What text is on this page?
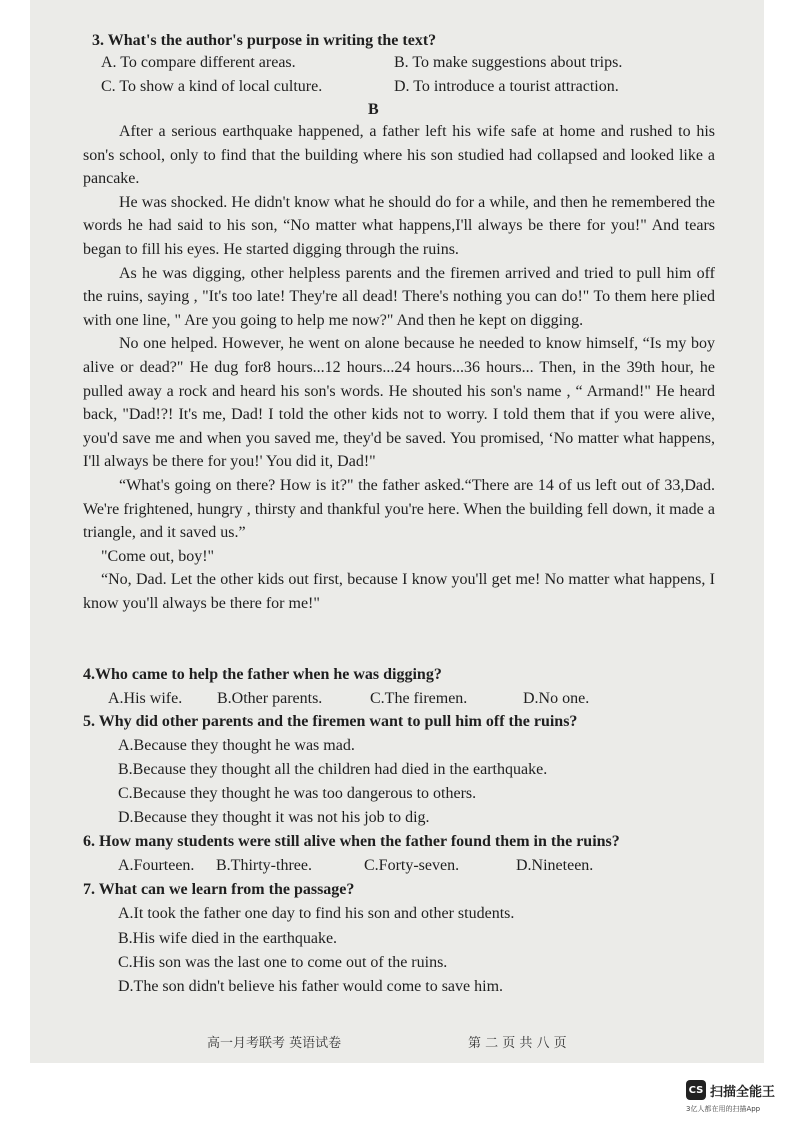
3. What's the author's purpose in writing the text?
A. To compare different areas.	B. To make suggestions about trips.
C. To show a kind of local culture.	D. To introduce a tourist attraction.
B

After a serious earthquake happened, a father left his wife safe at home and rushed to his son's school, only to find that the building where his son studied had collapsed and looked like a pancake.

He was shocked. He didn't know what he should do for a while, and then he remembered the words he had said to his son, “No matter what happens,I'll always be there for you!" And tears began to fill his eyes. He started digging through the ruins.

As he was digging, other helpless parents and the firemen arrived and tried to pull him off the ruins, saying , "It's too late! They're all dead! There's nothing you can do!" To them here plied with one line, " Are you going to help me now?" And then he kept on digging.

No one helped. However, he went on alone because he needed to know himself, “Is my boy alive or dead?" He dug for8 hours...12 hours...24 hours...36 hours... Then, in the 39th hour, he pulled away a rock and heard his son's words. He shouted his son's name , “ Armand!" He heard back, "Dad!?! It's me, Dad! I told the other kids not to worry. I told them that if you were alive, you'd save me and when you saved me, they'd be saved. You promised, ‘No matter what happens, I'll always be there for you!' You did it, Dad!"

“What's going on there? How is it?" the father asked.“There are 14 of us left out of 33,Dad. We're frightened, hungry , thirsty and thankful you're here. When the building fell down, it made a triangle, and it saved us.”

"Come out, boy!"

“No, Dad. Let the other kids out first, because I know you'll get me! No matter what happens, I know you'll always be there for me!"

4.Who came to help the father when he was digging?
A.His wife. B.Other parents.	C.The firemen.	D.No one.
5. Why did other parents and the firemen want to pull him off the ruins?
A.Because they thought he was mad.
B.Because they thought all the children had died in the earthquake.
C.Because they thought he was too dangerous to others.
D.Because they thought it was not his job to dig.
6. How many students were still alive when the father found them in the ruins?
A.Fourteen. B.Thirty-three.	C.Forty-seven.	D.Nineteen.
7. What can we learn from the passage?
A.It took the father one day to find his son and other students.
B.His wife died in the earthquake.
C.His son was the last one to come out of the ruins.
D.The son didn't believe his father would come to save him.
高一月考联考 英语试卷	第 二 页 共 八 页
CS 扫描全能王
3亿人都在用的扫描App
